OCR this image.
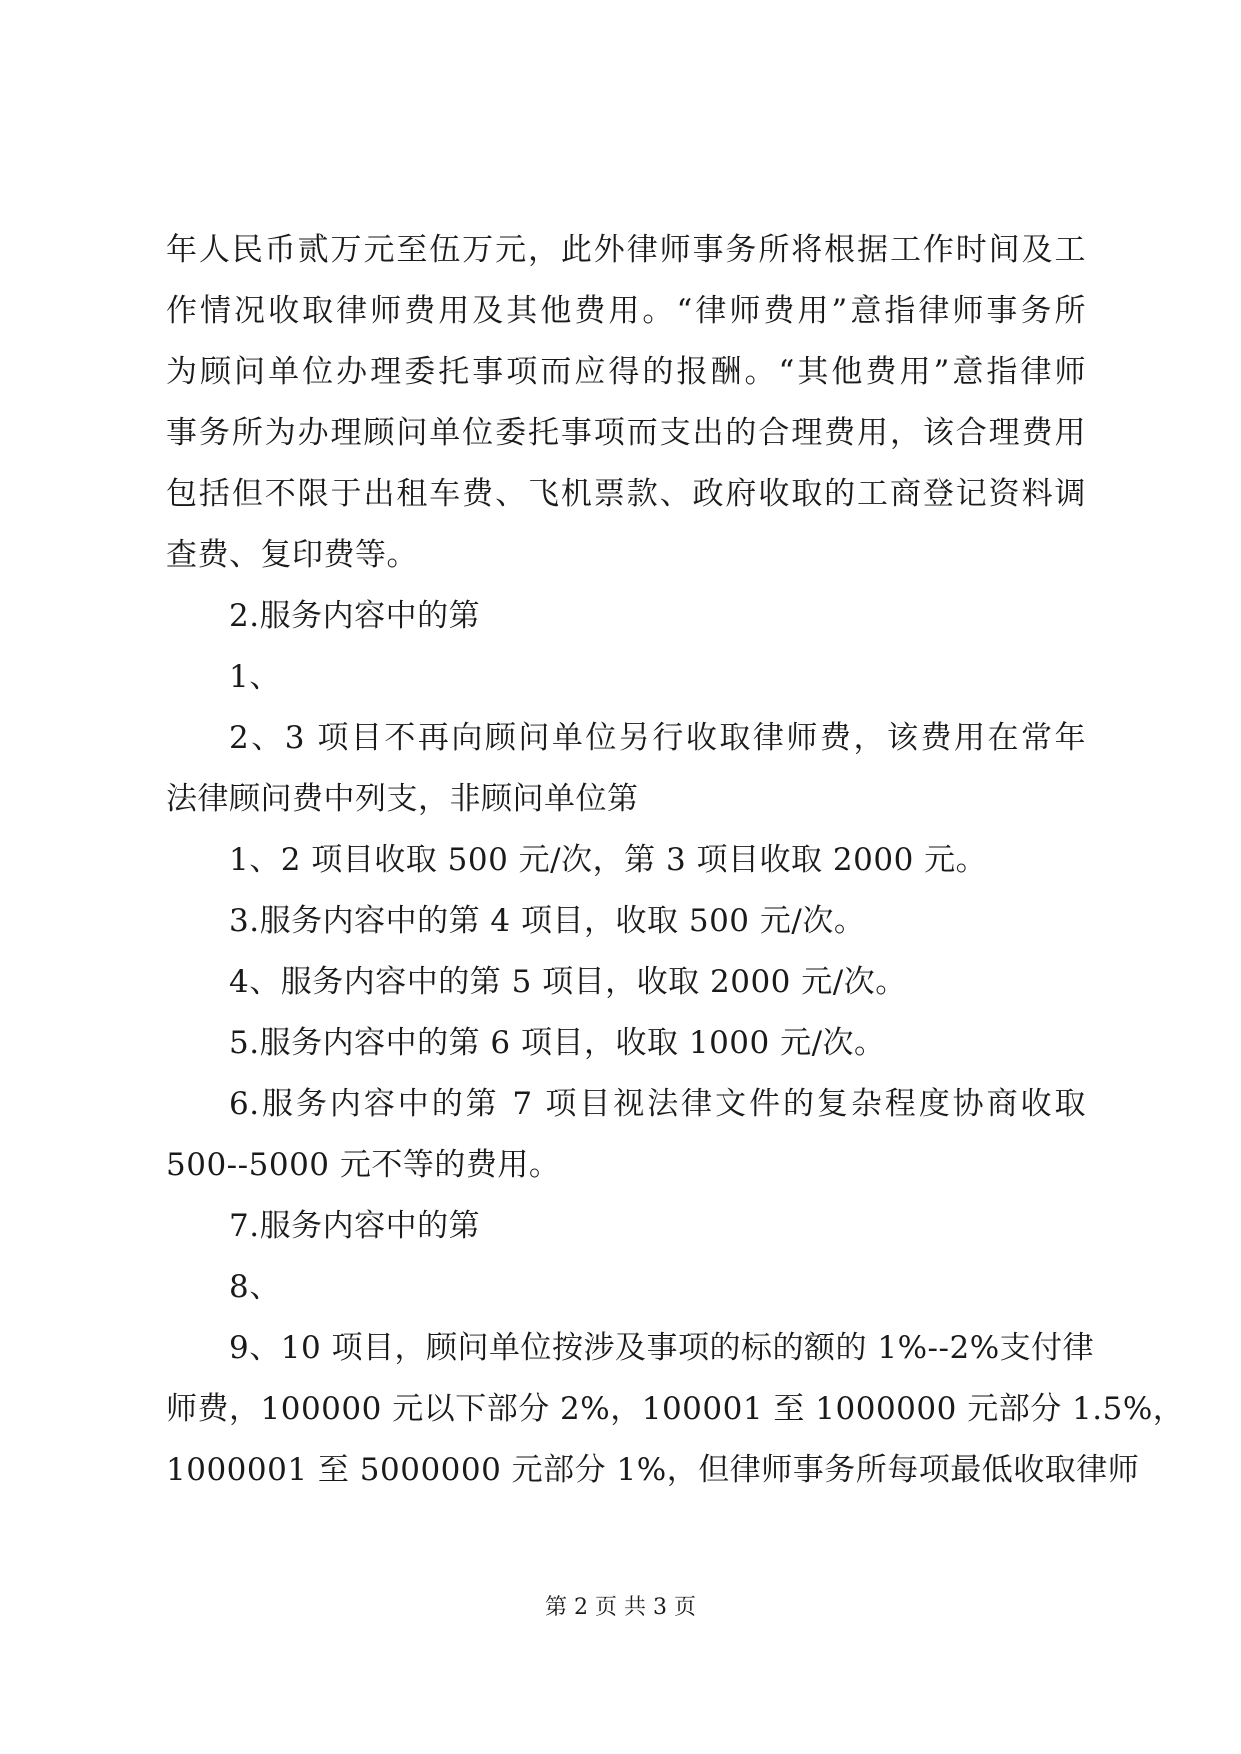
年人民币贰万元至伍万元，此外律师事务所将根据工作时间及工
作情况收取律师费用及其他费用。“律师费用”意指律师事务所
为顾问单位办理委托事项而应得的报酬。“其他费用”意指律师
事务所为办理顾问单位委托事项而支出的合理费用，该合理费用
包括但不限于出租车费、飞机票款、政府收取的工商登记资料调
查费、复印费等。
2.服务内容中的第
1、
2、3 项目不再向顾问单位另行收取律师费，该费用在常年
法律顾问费中列支，非顾问单位第
1、2 项目收取 500 元/次，第 3 项目收取 2000 元。
3.服务内容中的第 4 项目，收取 500 元/次。
4、服务内容中的第 5 项目，收取 2000 元/次。
5.服务内容中的第 6 项目，收取 1000 元/次。
6.服务内容中的第 7 项目视法律文件的复杂程度协商收取
500--5000 元不等的费用。
7.服务内容中的第
8、
9、10 项目，顾问单位按涉及事项的标的额的 1%--2%支付律
师费，100000 元以下部分 2%，100001 至 1000000 元部分 1.5%，
1000001 至 5000000 元部分 1%，但律师事务所每项最低收取律师
第 2 页 共 3 页
